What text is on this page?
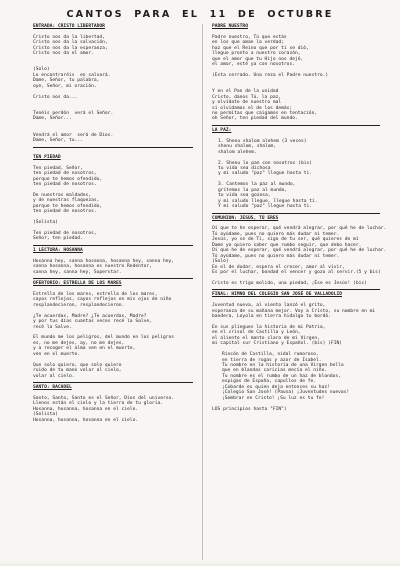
CANTOS PARA EL 11 DE OCTUBRE
ENTRADA: CRISTO LIBERTADOR
Cristo nos da la libertad,
Cristo nos da la salvación,
Cristo nos da la esperanza,
Cristo nos da el amor.
(Solo)
Lo encontraréis  en salvará.
Dame, Señor, tu palabra,
oye, Señor, mi oración.
Cristo nos da...
Tenéis perdón  verá el Señor.
Dame, Señor...
Vendrá el amor  será de Dios.
Dame, Señor, tu...
TEN PIEDAD
Ten piedad, Señor,
ten piedad de nosotros,
porque te hemos ofendido,
ten piedad de nosotros.
De nuestras maldades,
y de nuestras flaquezas,
porque te hemos ofendido,
ten piedad de nosotros.
(Solista)
Ten piedad de nosotros,
Señor, ten piedad.
1 LECTURA: HOSANNA
Hosanna hey, sanna hosanna, hosanna hey, sanna hey,
sanna hosanna, hosanna es nuestro Redentor,
sanna hey, sanna hey, Superstar.
OFERTORIO: ESTRELLA DE LOS MARES
Estrella de los mares, estrella de los mares,
cayos reflejos, cayos reflejos en mis ojos de niño
resplandecieron, resplandecieron.
¿Te acuerdas, Madre? ¿Te acuerdas, Madre?
y por tus días cuantas veces recé la Salve,
recé la Salve.
El mundo me los peligros, del mundo en los peligros
es, no me dejes, ay, no me dejes,
y a recoger el alma ven en el muerte,
ven en el muerte.
Que solo quiero, que solo quiero
ruido de tu mano volar al cielo,
volar al cielo.
SANTO: BACADEL
Santo, Santo, Santo es el Señor, Dios del universo.
Llenos están el cielo y la tierra de tu gloria.
Hosanna, hosanna, hosanna en el cielo.
(Solista)
Hosanna, hosanna, hosanna en el cielo.
PADRE NUESTRO
Padre nuestro, Tú que estás
en los que aman la verdad;
haz que el Reino que por ti se dió,
llegue pronto a nuestro corazón,
que el amor que tu Hijo nos dejó,
el amor, esté ya con nosotros.
(Esta cerrado. Una reza el Padre nuestro.)
Y en el Pan de la unidad
Cristo, danos Tú, la paz,
y olvídate de nuestro mal
si olvidamos el de los demás;
no permitas que caigamos en tentación,
oh Señor, ten piedad del mundo.
LA PAZ:
1. Shenu shalom alehem (3 veces)
shenu shalom, shalom,
shalom alehem.
2. Shenu lo pan con nosotros (bis)
tu vida sea dichosa
y mi saludo "paz" llegue hasta ti.
3. Cantemos la paz al mundo,
gritemos la paz al mundo,
tu vida sea gozosa,
y mi saludo llegue, llegue hasta ti.
Y mi saludo "paz" llegue hasta ti.
COMUNION: JESÚS, TÚ ERES
Oí que te he esperar, qué vendrá alegrar, por qué he de luchar.
Tú ayúdame, pues no quiero más dudar ni temer.
Jesús, yo se de Ti, sigo de tu ser, qué quieres de mí
Dame yo quiero saber que rumbo seguir, que debo hacer.
Oí que he de esperar, qué vendrá alegrar, por qué he de luchar.
Tú ayúdame, pues no quiero más dudar ni temer.
(Solo)
En el de dudar, espera el crecer, amor al vivir,
Es por el luchar, bondad el vencer y gozo al servir.(5 y bis)
Cristo es trigo molido, una piedad, ¡Ése es Jesús! (bis)
FINAL: HIMNO DEL COLEGIO SAN JOSÉ DE VALLADOLID
Juventud nueva, al viento lanzó el grito,
esperanza de su mañana mejor. Voy a Cristo, su nombre en mi
bandera, Loyola en tierra hidalgo tu bordó.
En sus pliegues la historia de mi Patria,
en el crisol de Castilla y León,
el aliento el manto claro de mi Virgen,
mi capital sur Cristiano y Español. (bis) (FIN)
Rincón de Castilla, nidal rumoroso,
en tierra de rugas y azor de Isabel.
Tu nombre en la historia de una Virgen bella
que en blandas caricias mecía el niño.
Tu nombre es el rumbo de un haz de blondos,
espigas de España, capullos de fe.
¡Cobarde es quien deja entonces su haz!
¡Colegio San José! (Pausa) ¡Juventudes nuevas!
¡Sembrar en Cristo! ¡Su luz es tu fe!
LOS principios hasta "FIN")
